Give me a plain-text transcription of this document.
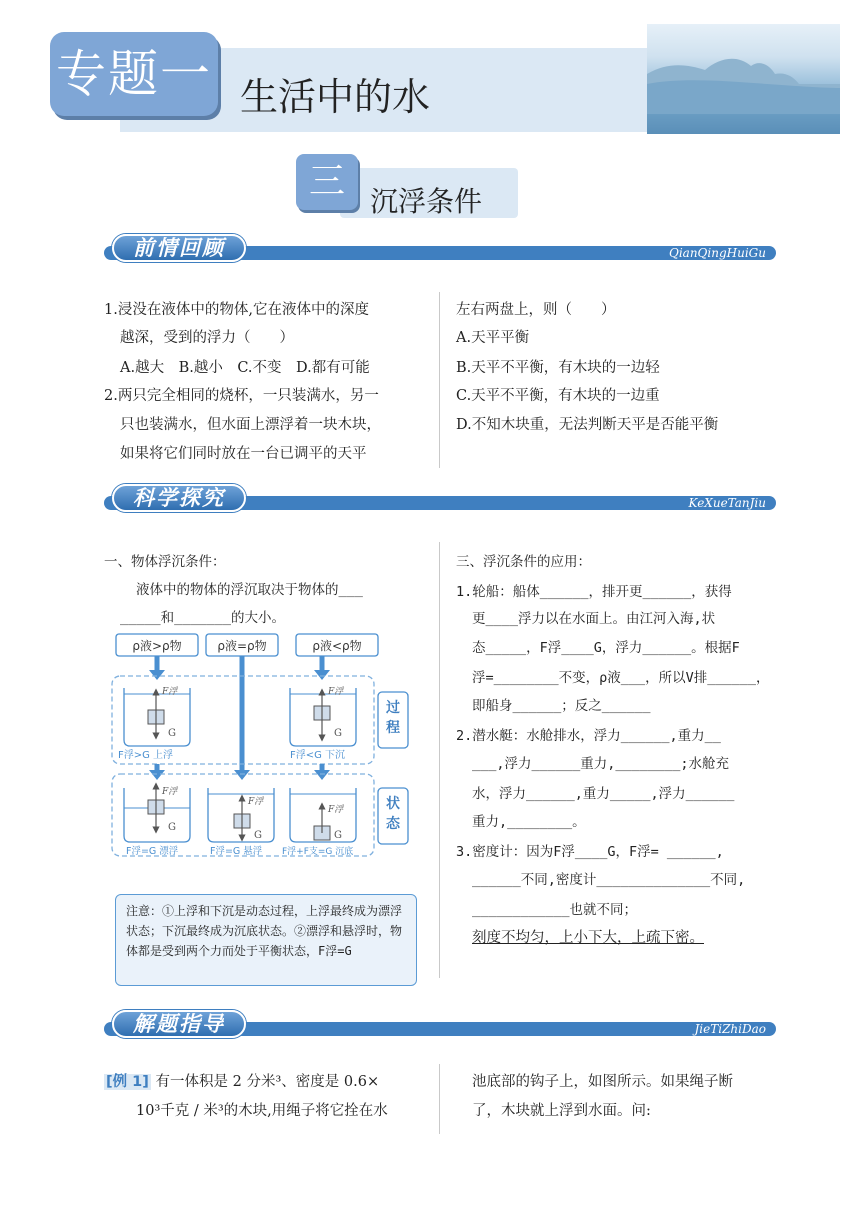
专题一 生活中的水
三 沉浮条件
前情回顾	QianQingHuiGu
1.浸没在液体中的物体,它在液体中的深度
越深，受到的浮力（　　）
A.越大　B.越小　C.不变　D.都有可能
2.两只完全相同的烧杯，一只装满水，另一
只也装满水，但水面上漂浮着一块木块，
如果将它们同时放在一台已调平的天平
左右两盘上，则（　　）
A.天平平衡
B.天平不平衡，有木块的一边轻
C.天平不平衡，有木块的一边重
D.不知木块重，无法判断天平是否能平衡
科学探究	KeXueTanJiu
一、物体浮沉条件：
液体中的物体的浮沉取决于物体的___
_____和_______的大小。
ρ液>ρ物	ρ液=ρ物	ρ液<ρ物
过
程
F浮
G
F浮>G 上浮
F浮
G
F浮<G 下沉
状
态
F浮
G
F浮=G 漂浮
F浮
G
F浮=G 悬浮
F浮
G
F浮+F支=G 沉底

注意：①上浮和下沉是动态过程，上浮最终成为漂浮状态；下沉最终成为沉底状态。②漂浮和悬浮时，物体都是受到两个力而处于平衡状态，F浮=G

三、浮沉条件的应用：
1.轮船：船体______，排开更______，获得
更____浮力以在水面上。由江河入海,状
态_____，F浮____G，浮力______。根据F
浮=________不变，ρ液___，所以V排______，
即船身______；反之______
2.潜水艇：水舱排水，浮力______,重力__
___,浮力______重力,________;水舱充
水，浮力______,重力_____,浮力______
重力,________。
3.密度计：因为F浮____G，F浮= ______,
______不同,密度计______________不同,
____________也就不同；
刻度不均匀，上小下大，上疏下密。
解题指导	JieTiZhiDao
[例 1] 有一体积是 2 分米³、密度是 0.6×
10³千克 / 米³的木块,用绳子将它拴在水
池底部的钩子上，如图所示。如果绳子断
了，木块就上浮到水面。问:
